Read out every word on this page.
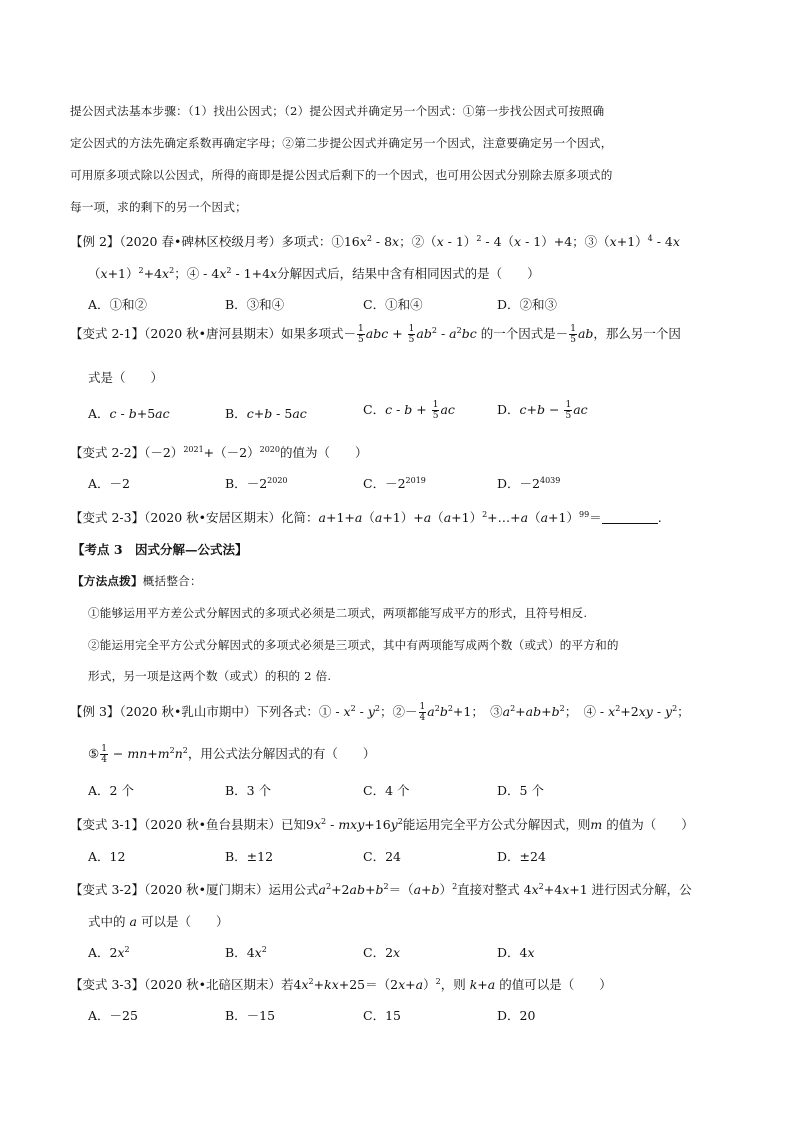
提公因式法基本步骤：（1）找出公因式；（2）提公因式并确定另一个因式：①第一步找公因式可按照确
定公因式的方法先确定系数再确定字母；②第二步提公因式并确定另一个因式，注意要确定另一个因式，
可用原多项式除以公因式，所得的商即是提公因式后剩下的一个因式，也可用公因式分别除去原多项式的
每一项，求的剩下的另一个因式；
【例 2】（2020 春•碑林区校级月考）多项式：$①16x^2 - 8x$；②（x - 1）$^2$ - 4（x - 1）+4；$③(x+1)^4 - 4x$
$(x+1)^2+4x^2$；④ - $4x^2 - 1+4x$分解因式后，结果中含有相同因式的是（　　）
A．①和②	B．③和④	C．①和④	D．②和③
【变式 2-1】（2020 秋•唐河县期末）如果多项式－ $\frac{1}{5}$ abc + $\frac{1}{5} ab^2 - a^2bc$ 的一个因式是－ $\frac{1}{5}$ ab，那么另一个因
式是（　　）
A．c - b+5ac	B．c+b - 5ac	C．$c - b + \frac{1}{5}$ ac	D．$c+b - \frac{1}{5}$ ac
【变式 2-2】$(-2)^{2021}+(-2)^{2020}$的值为（　　）
A．－2	B．$-2^{2020}$	C．$-2^{2019}$	D．$-2^{4039}$
【变式 2-3】（2020 秋•安居区期末）化简：$a+1+a(a+1)+a(a+1)^2+\dots+a(a+1)^{99}=$	.
【考点 3　因式分解—公式法】
【方法点拨】概括整合：
①能够运用平方差公式分解因式的多项式必须是二项式，两项都能写成平方的形式，且符号相反.
②能运用完全平方公式分解因式的多项式必须是三项式，其中有两项能写成两个数（或式）的平方和的
形式，另一项是这两个数（或式）的积的 2 倍.
【例 3】（2020 秋•乳山市期中）下列各式：① - $x^2 - y^2$；②－ $\frac{1}{4} a^2b^2+1$；　$③a^2+ab+b^2$；　④ - $x^2+2xy - y^2$；
⑤ $\frac{1}{4} - mn+m^2n^2$，用公式法分解因式的有（　　）
A．2 个	B．3 个	C．4 个	D．5 个
【变式 3-1】（2020 秋•鱼台县期末）已知$9x^2 - mxy+16y^2$能运用完全平方公式分解因式，则m 的值为（　　）
A．12	B．±12	C．24	D．±24
【变式 3-2】（2020 秋•厦门期末）运用公式$a^2+2ab+b^2=(a+b)^2$直接对整式 $4x^2+4x+1$ 进行因式分解，公
式中的 a 可以是（　　）
A．$2x^2$	B．$4x^2$	C．2x	D．4x
【变式 3-3】（2020 秋•北碚区期末）若$4x^2+kx+25=(2x+a)^2$，则 k+a 的值可以是（　　）
A．－25	B．－15	C．15	D．20
